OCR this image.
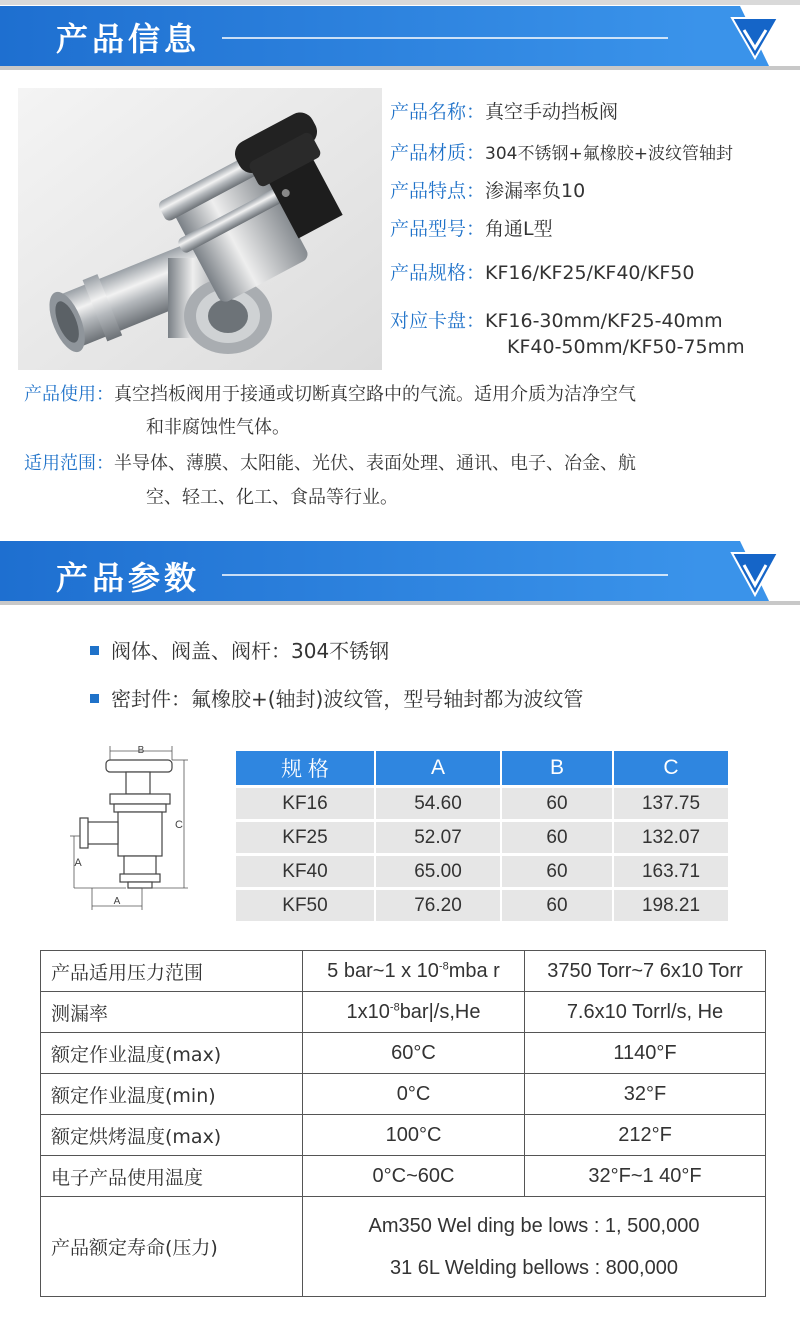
产品信息
产品名称：真空手动挡板阀
产品材质：304不锈钢+氟橡胶+波纹管轴封
产品特点：渗漏率负10
产品型号：角通L型
产品规格：KF16/KF25/KF40/KF50
对应卡盘：KF16-30mm/KF25-40mm
KF40-50mm/KF50-75mm
产品使用：真空挡板阀用于接通或切断真空路中的气流。适用介质为洁净空气
和非腐蚀性气体。
适用范围：半导体、薄膜、太阳能、光伏、表面处理、通讯、电子、冶金、航
空、轻工、化工、食品等行业。
产品参数
阀体、阀盖、阀杆：304不锈钢
密封件：氟橡胶+(轴封)波纹管，型号轴封都为波纹管
B
C
A
A
规 格	A	B	C
KF16	54.60	60	137.75
KF25	52.07	60	132.07
KF40	65.00	60	163.71
KF50	76.20	60	198.21
产品适用压力范围	5 bar~1 x $10^{-8}mba$ r	3750 Torr~7 6x10 Torr
测漏率	$1x10^{-8}bar|/s,He$	7.6x10 Torrl/s, He
额定作业温度(max)	60°C	1140°F
额定作业温度(min)	0°C	32°F
额定烘烤温度(max)	100°C	212°F
电子产品使用温度	0°C~60C	32°F~1 40°F
产品额定寿命(压力)	Am350 Wel ding be lows : 1, 500,000
31 6L Welding bellows : 800,000	
